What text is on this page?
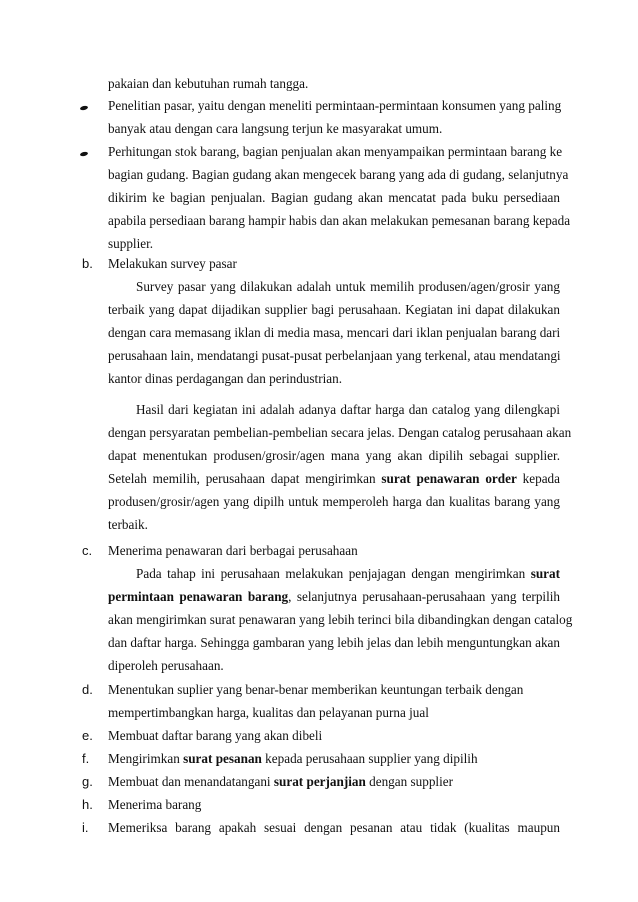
pakaian dan kebutuhan rumah tangga.
Penelitian pasar, yaitu dengan meneliti permintaan-permintaan konsumen yang paling
banyak atau dengan cara langsung terjun ke masyarakat umum.
Perhitungan stok barang, bagian penjualan akan menyampaikan permintaan barang ke
bagian gudang. Bagian gudang akan mengecek barang yang ada di gudang, selanjutnya
dikirim ke bagian penjualan. Bagian gudang akan mencatat pada buku persediaan
apabila persediaan barang hampir habis dan akan melakukan pemesanan barang kepada
supplier.
b. Melakukan survey pasar
Survey pasar yang dilakukan adalah untuk memilih produsen/agen/grosir yang
terbaik yang dapat dijadikan supplier bagi perusahaan. Kegiatan ini dapat dilakukan
dengan cara memasang iklan di media masa, mencari dari iklan penjualan barang dari
perusahaan lain, mendatangi pusat-pusat perbelanjaan yang terkenal, atau mendatangi
kantor dinas perdagangan dan perindustrian.
Hasil dari kegiatan ini adalah adanya daftar harga dan catalog yang dilengkapi
dengan persyaratan pembelian-pembelian secara jelas. Dengan catalog perusahaan akan
dapat menentukan produsen/grosir/agen mana yang akan dipilih sebagai supplier.
Setelah memilih, perusahaan dapat mengirimkan surat penawaran order kepada
produsen/grosir/agen yang dipilh untuk memperoleh harga dan kualitas barang yang
terbaik.
c. Menerima penawaran dari berbagai perusahaan
Pada tahap ini perusahaan melakukan penjajagan dengan mengirimkan surat
permintaan penawaran barang, selanjutnya perusahaan-perusahaan yang terpilih
akan mengirimkan surat penawaran yang lebih terinci bila dibandingkan dengan catalog
dan daftar harga. Sehingga gambaran yang lebih jelas dan lebih menguntungkan akan
diperoleh perusahaan.
d. Menentukan suplier yang benar-benar memberikan keuntungan terbaik dengan
mempertimbangkan harga, kualitas dan pelayanan purna jual
e. Membuat daftar barang yang akan dibeli
f. Mengirimkan surat pesanan kepada perusahaan supplier yang dipilih
g. Membuat dan menandatangani surat perjanjian dengan supplier
h. Menerima barang
i. Memeriksa barang apakah sesuai dengan pesanan atau tidak (kualitas maupun
